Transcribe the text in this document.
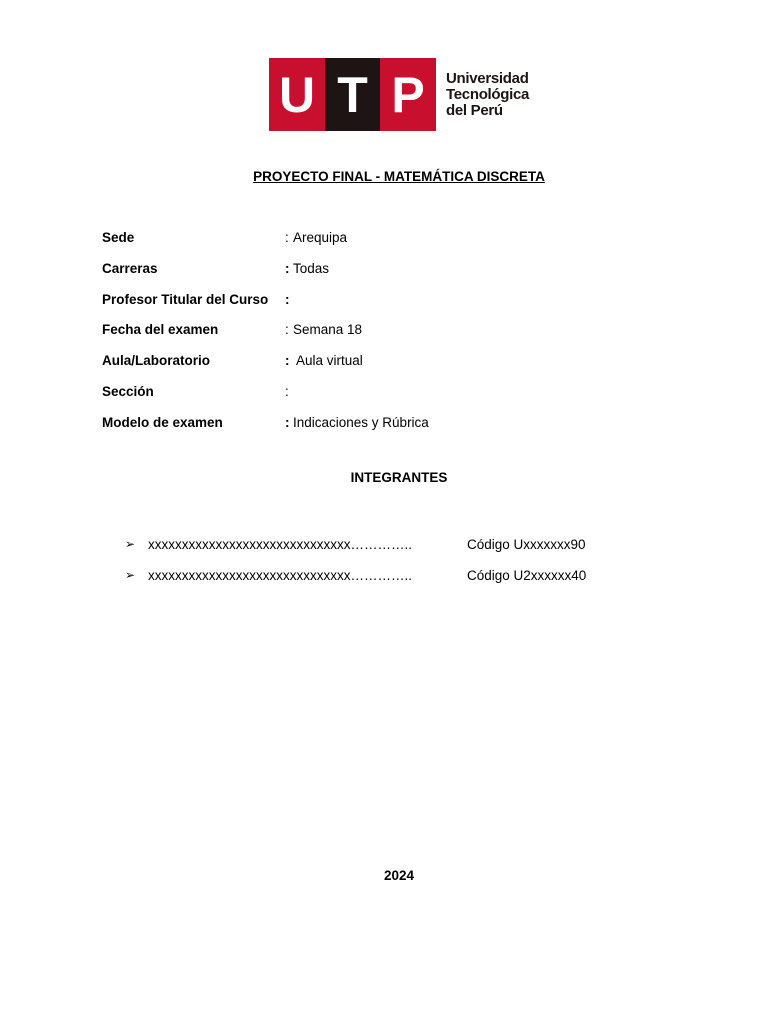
U T P	Universidad
Tecnológica
del Perú
PROYECTO FINAL - MATEMÁTICA DISCRETA
Sede	: Arequipa
Carreras	: Todas
Profesor Titular del Curso :
Fecha del examen	: Semana 18
Aula/Laboratorio	: Aula virtual
Sección	:
Modelo de examen	: Indicaciones y Rúbrica
INTEGRANTES
➢ xxxxxxxxxxxxxxxxxxxxxxxxxxxxxx…………..	Código Uxxxxxxx90
➢ xxxxxxxxxxxxxxxxxxxxxxxxxxxxxx…………..	Código U2xxxxxx40
2024
